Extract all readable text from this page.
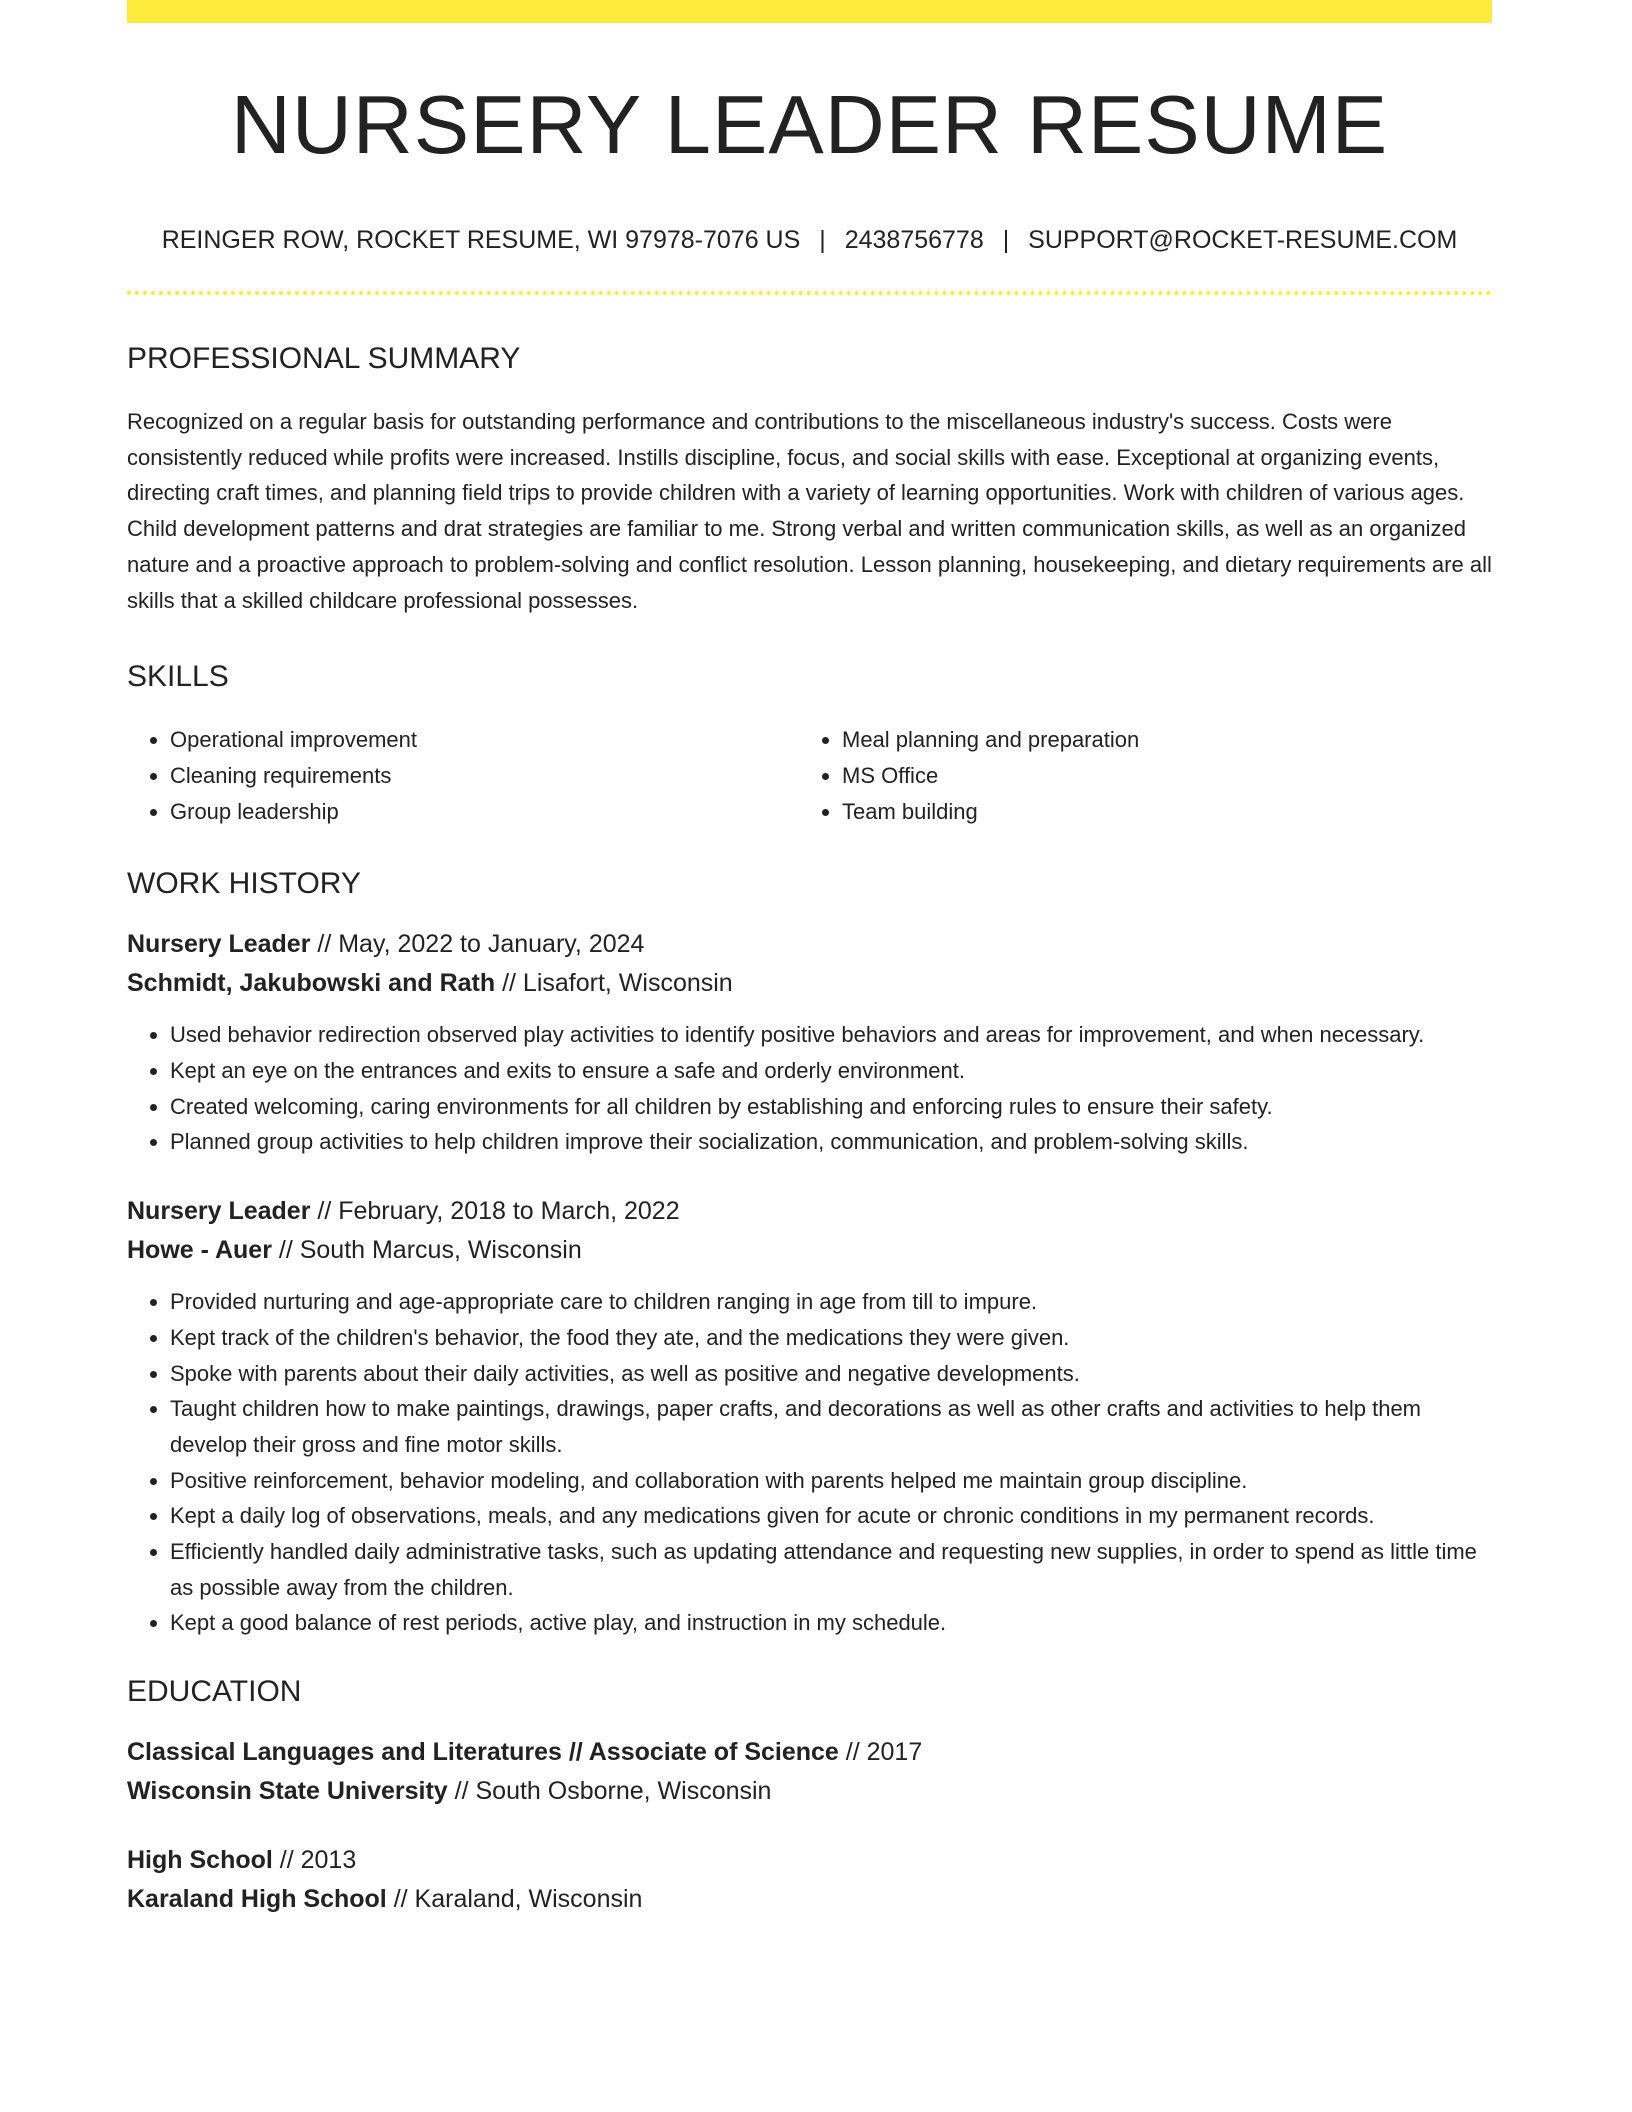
NURSERY LEADER RESUME
REINGER ROW, ROCKET RESUME, WI 97978-7076 US | 2438756778 | SUPPORT@ROCKET-RESUME.COM
PROFESSIONAL SUMMARY
Recognized on a regular basis for outstanding performance and contributions to the miscellaneous industry's success. Costs were consistently reduced while profits were increased. Instills discipline, focus, and social skills with ease. Exceptional at organizing events, directing craft times, and planning field trips to provide children with a variety of learning opportunities. Work with children of various ages. Child development patterns and drat strategies are familiar to me. Strong verbal and written communication skills, as well as an organized nature and a proactive approach to problem-solving and conflict resolution. Lesson planning, housekeeping, and dietary requirements are all skills that a skilled childcare professional possesses.
SKILLS
• Operational improvement
• Cleaning requirements
• Group leadership
• Meal planning and preparation
• MS Office
• Team building
WORK HISTORY
Nursery Leader // May, 2022 to January, 2024
Schmidt, Jakubowski and Rath // Lisafort, Wisconsin
• Used behavior redirection observed play activities to identify positive behaviors and areas for improvement, and when necessary.
• Kept an eye on the entrances and exits to ensure a safe and orderly environment.
• Created welcoming, caring environments for all children by establishing and enforcing rules to ensure their safety.
• Planned group activities to help children improve their socialization, communication, and problem-solving skills.
Nursery Leader // February, 2018 to March, 2022
Howe - Auer // South Marcus, Wisconsin
• Provided nurturing and age-appropriate care to children ranging in age from till to impure.
• Kept track of the children's behavior, the food they ate, and the medications they were given.
• Spoke with parents about their daily activities, as well as positive and negative developments.
• Taught children how to make paintings, drawings, paper crafts, and decorations as well as other crafts and activities to help them develop their gross and fine motor skills.
• Positive reinforcement, behavior modeling, and collaboration with parents helped me maintain group discipline.
• Kept a daily log of observations, meals, and any medications given for acute or chronic conditions in my permanent records.
• Efficiently handled daily administrative tasks, such as updating attendance and requesting new supplies, in order to spend as little time as possible away from the children.
• Kept a good balance of rest periods, active play, and instruction in my schedule.
EDUCATION
Classical Languages and Literatures // Associate of Science // 2017
Wisconsin State University // South Osborne, Wisconsin
High School // 2013
Karaland High School // Karaland, Wisconsin
